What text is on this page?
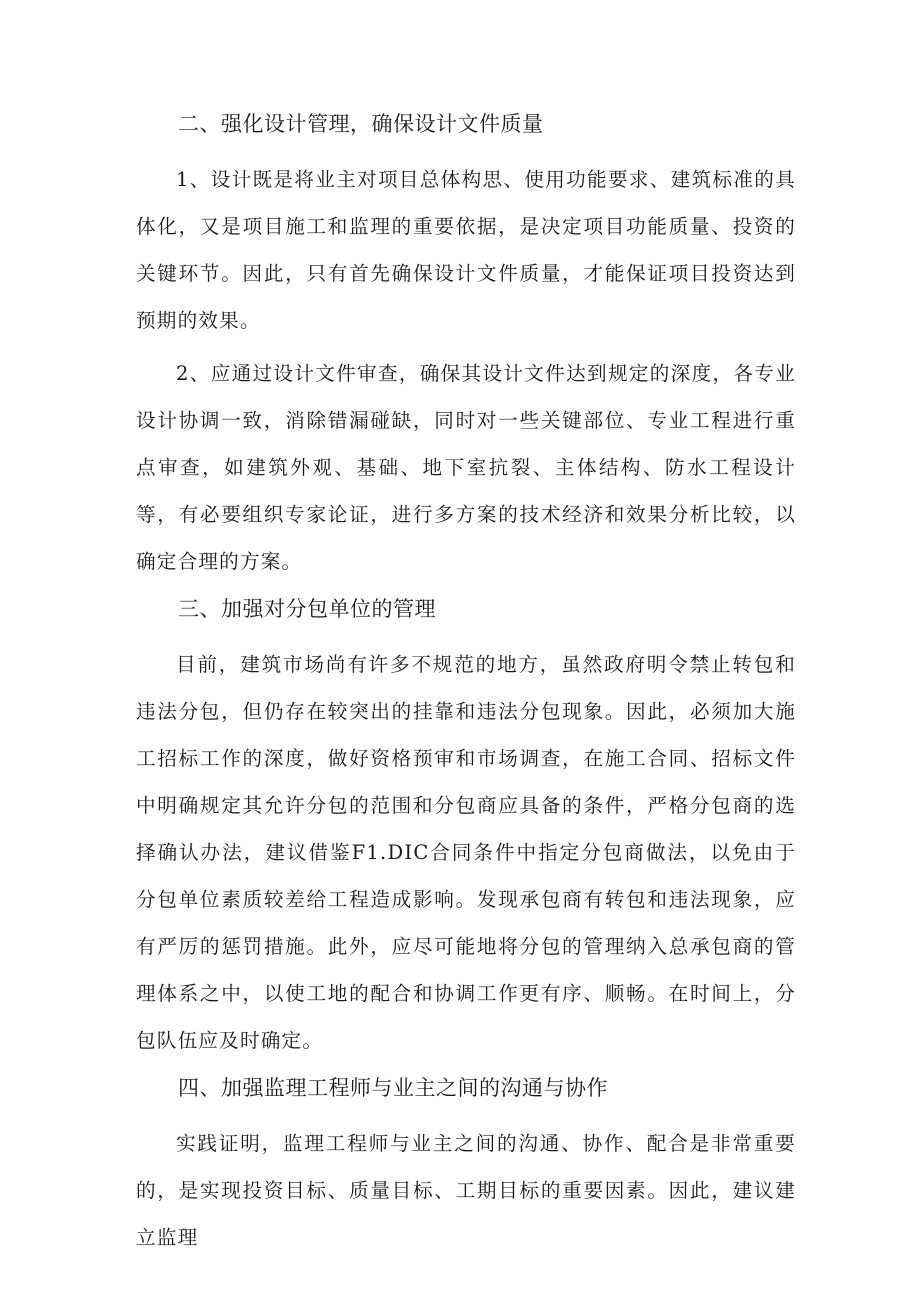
二、强化设计管理，确保设计文件质量

1、设计既是将业主对项目总体构思、使用功能要求、建筑标准的具体化，又是项目施工和监理的重要依据，是决定项目功能质量、投资的关键环节。因此，只有首先确保设计文件质量，才能保证项目投资达到预期的效果。

2、应通过设计文件审查，确保其设计文件达到规定的深度，各专业设计协调一致，消除错漏碰缺，同时对一些关键部位、专业工程进行重点审查，如建筑外观、基础、地下室抗裂、主体结构、防水工程设计等，有必要组织专家论证，进行多方案的技术经济和效果分析比较，以确定合理的方案。

三、加强对分包单位的管理

目前，建筑市场尚有许多不规范的地方，虽然政府明令禁止转包和违法分包，但仍存在较突出的挂靠和违法分包现象。因此，必须加大施工招标工作的深度，做好资格预审和市场调查，在施工合同、招标文件中明确规定其允许分包的范围和分包商应具备的条件，严格分包商的选择确认办法，建议借鉴F1.DIC合同条件中指定分包商做法，以免由于分包单位素质较差给工程造成影响。发现承包商有转包和违法现象，应有严厉的惩罚措施。此外，应尽可能地将分包的管理纳入总承包商的管理体系之中，以使工地的配合和协调工作更有序、顺畅。在时间上，分包队伍应及时确定。

四、加强监理工程师与业主之间的沟通与协作

实践证明，监理工程师与业主之间的沟通、协作、配合是非常重要的，是实现投资目标、质量目标、工期目标的重要因素。因此，建议建立监理
